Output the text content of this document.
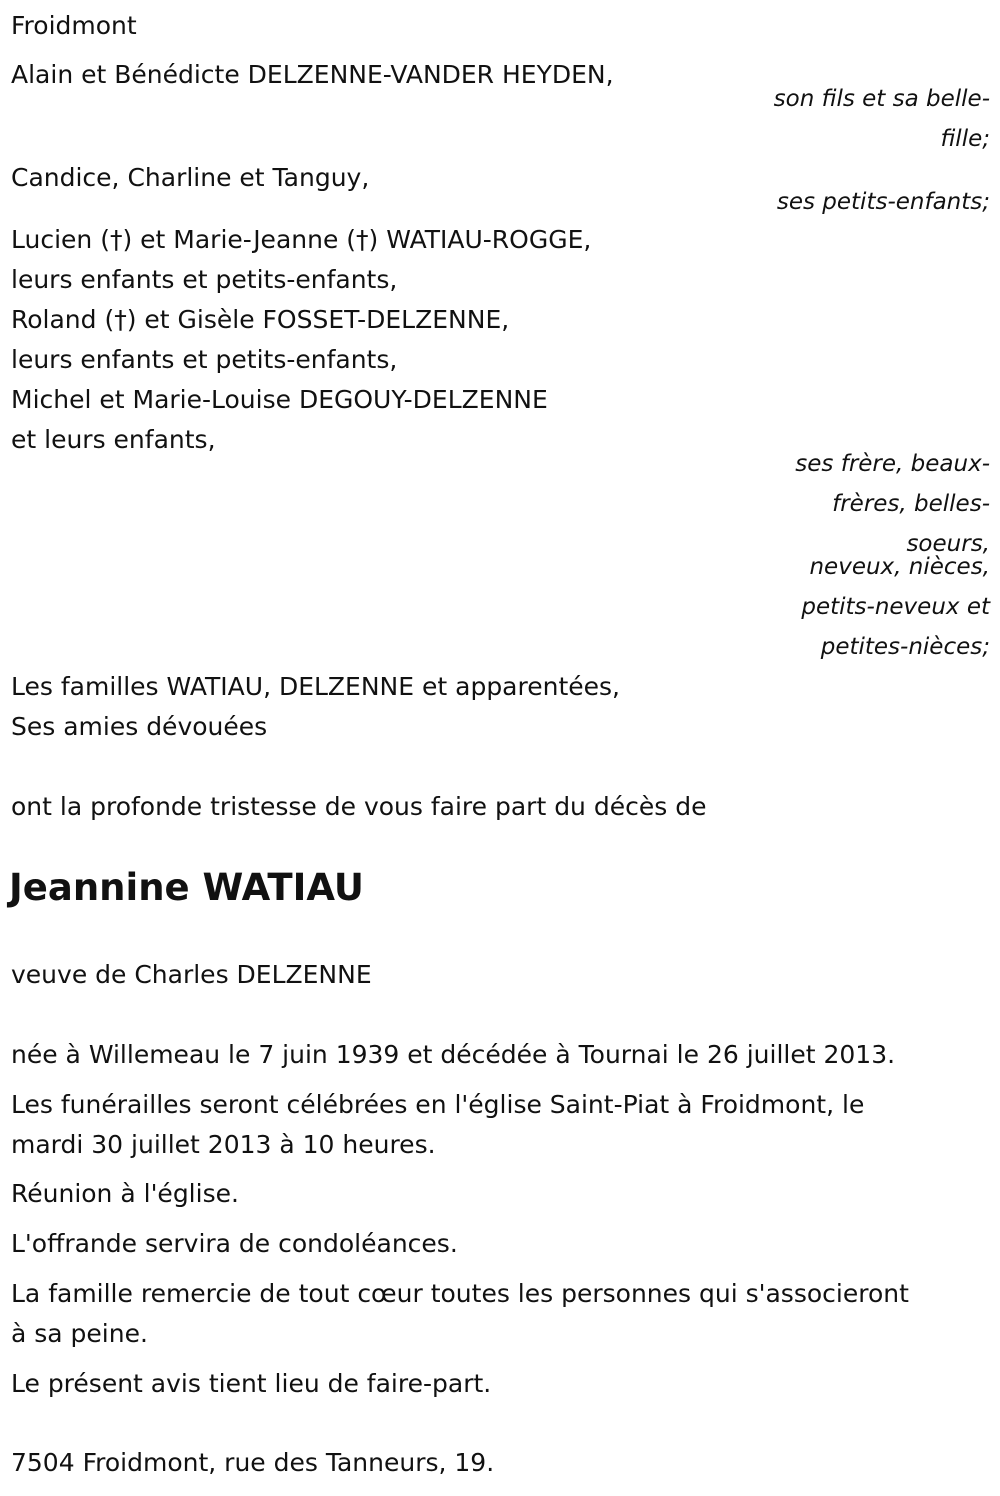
Froidmont
Alain et Bénédicte DELZENNE-VANDER HEYDEN,
son fils et sa belle-
fille;
Candice, Charline et Tanguy,
ses petits-enfants;
Lucien (†) et Marie-Jeanne (†) WATIAU-ROGGE,
leurs enfants et petits-enfants,
Roland (†) et Gisèle FOSSET-DELZENNE,
leurs enfants et petits-enfants,
Michel et Marie-Louise DEGOUY-DELZENNE
et leurs enfants,
ses frère, beaux-
frères, belles-
soeurs,
neveux, nièces,
petits-neveux et
petites-nièces;
Les familles WATIAU, DELZENNE et apparentées,
Ses amies dévouées
ont la profonde tristesse de vous faire part du décès de
Jeannine WATIAU
veuve de Charles DELZENNE
née à Willemeau le 7 juin 1939 et décédée à Tournai le 26 juillet 2013.
Les funérailles seront célébrées en l'église Saint-Piat à Froidmont, le
mardi 30 juillet 2013 à 10 heures.
Réunion à l'église.
L'offrande servira de condoléances.
La famille remercie de tout cœur toutes les personnes qui s'associeront
à sa peine.
Le présent avis tient lieu de faire-part.
7504 Froidmont, rue des Tanneurs, 19.
